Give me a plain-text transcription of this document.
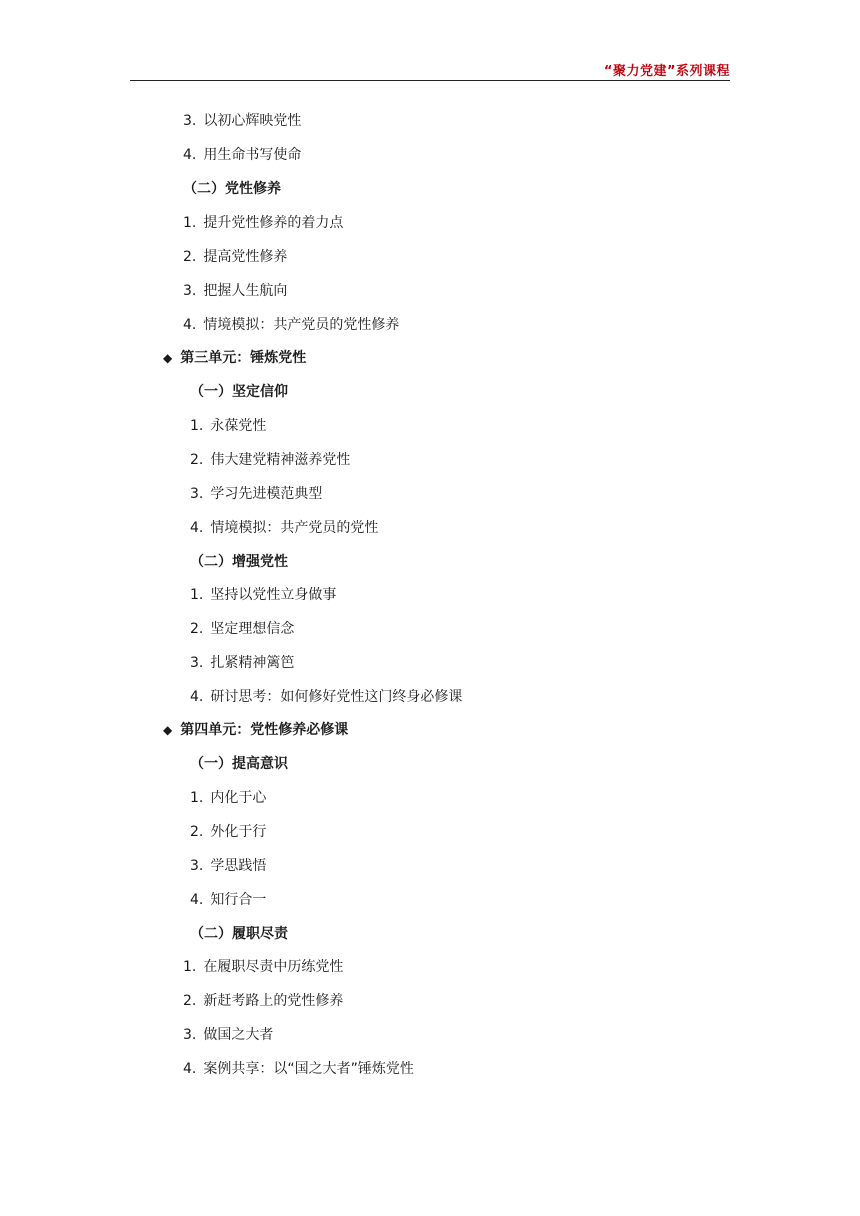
“聚力党建”系列课程
3. 以初心辉映党性
4. 用生命书写使命
（二）党性修养
1. 提升党性修养的着力点
2. 提高党性修养
3. 把握人生航向
4. 情境模拟：共产党员的党性修养
◆ 第三单元：锤炼党性
（一）坚定信仰
1. 永葆党性
2. 伟大建党精神滋养党性
3. 学习先进模范典型
4. 情境模拟：共产党员的党性
（二）增强党性
1. 坚持以党性立身做事
2. 坚定理想信念
3. 扎紧精神篱笆
4. 研讨思考：如何修好党性这门终身必修课
◆ 第四单元：党性修养必修课
（一）提高意识
1. 内化于心
2. 外化于行
3. 学思践悟
4. 知行合一
（二）履职尽责
1. 在履职尽责中历练党性
2. 新赶考路上的党性修养
3. 做国之大者
4. 案例共享：以“国之大者”锤炼党性
